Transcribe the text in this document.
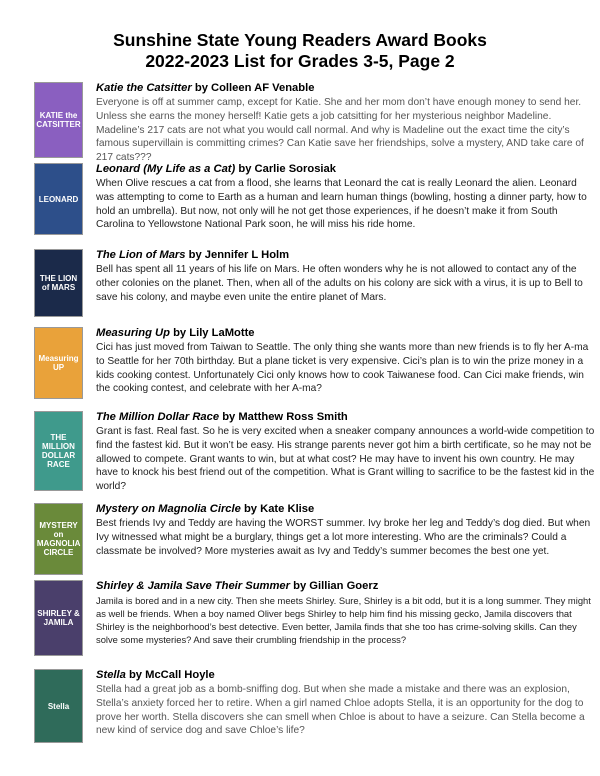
Sunshine State Young Readers Award Books
2022-2023 List for Grades 3-5, Page 2
KATIE the CATSITTER
Katie the Catsitter by Colleen AF Venable

Everyone is off at summer camp, except for Katie. She and her mom don’t have enough money to send her. Unless she earns the money herself! Katie gets a job catsitting for her mysterious neighbor Madeline. Madeline’s 217 cats are not what you would call normal. And why is Madeline out the exact time the city’s famous supervillain is committing crimes? Can Katie save her friendships, solve a mystery, AND take care of 217 cats???

LEONARD
Leonard (My Life as a Cat) by Carlie Sorosiak

When Olive rescues a cat from a flood, she learns that Leonard the cat is really Leonard the alien. Leonard was attempting to come to Earth as a human and learn human things (bowling, hosting a dinner party, how to hold an umbrella). But now, not only will he not get those experiences, if he doesn’t make it from South Carolina to Yellowstone National Park soon, he will miss his ride home.

THE LION of MARS
The Lion of Mars by Jennifer L Holm

Bell has spent all 11 years of his life on Mars. He often wonders why he is not allowed to contact any of the other colonies on the planet. Then, when all of the adults on his colony are sick with a virus, it is up to Bell to save his colony, and maybe even unite the entire planet of Mars.

Measuring UP
Measuring Up by Lily LaMotte

Cici has just moved from Taiwan to Seattle. The only thing she wants more than new friends is to fly her A-ma to Seattle for her 70th birthday. But a plane ticket is very expensive. Cici’s plan is to win the prize money in a kids cooking contest. Unfortunately Cici only knows how to cook Taiwanese food. Can Cici make friends, win the cooking contest, and celebrate with her A-ma?

THE MILLION DOLLAR RACE
The Million Dollar Race by Matthew Ross Smith

Grant is fast. Real fast. So he is very excited when a sneaker company announces a world-wide competition to find the fastest kid. But it won’t be easy. His strange parents never got him a birth certificate, so he may not be allowed to compete. Grant wants to win, but at what cost? He may have to invent his own country. He may have to knock his best friend out of the competition. What is Grant willing to sacrifice to be the fastest kid in the world?

MYSTERY on MAGNOLIA CIRCLE
Mystery on Magnolia Circle by Kate Klise

Best friends Ivy and Teddy are having the WORST summer. Ivy broke her leg and Teddy’s dog died. But when Ivy witnessed what might be a burglary, things get a lot more interesting. Who are the criminals? Could a classmate be involved? More mysteries await as Ivy and Teddy’s summer becomes the best one yet.

SHIRLEY & JAMILA
Shirley & Jamila Save Their Summer by Gillian Goerz

Jamila is bored and in a new city. Then she meets Shirley. Sure, Shirley is a bit odd, but it is a long summer. They might as well be friends. When a boy named Oliver begs Shirley to help him find his missing gecko, Jamila discovers that Shirley is the neighborhood’s best detective. Even better, Jamila finds that she too has crime-solving skills. Can they solve some mysteries? And save their crumbling friendship in the process?

Stella
Stella by McCall Hoyle

Stella had a great job as a bomb-sniffing dog. But when she made a mistake and there was an explosion, Stella’s anxiety forced her to retire. When a girl named Chloe adopts Stella, it is an opportunity for the dog to prove her worth. Stella discovers she can smell when Chloe is about to have a seizure. Can Stella become a new kind of service dog and save Chloe’s life?
